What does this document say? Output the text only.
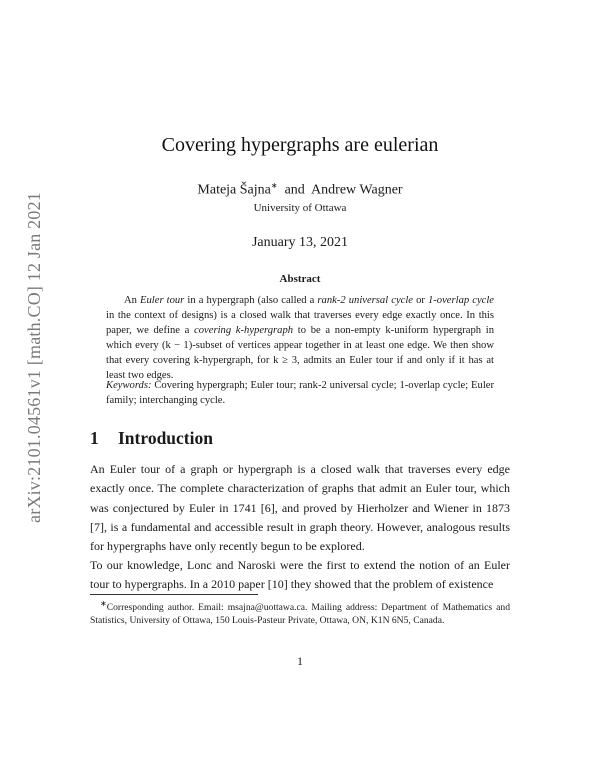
arXiv:2101.04561v1 [math.CO] 12 Jan 2021
Covering hypergraphs are eulerian
Mateja Šajna∗ and Andrew Wagner
University of Ottawa
January 13, 2021
Abstract

An Euler tour in a hypergraph (also called a rank-2 universal cycle or 1-overlap cycle in the context of designs) is a closed walk that traverses every edge exactly once. In this paper, we define a covering k-hypergraph to be a non-empty k-uniform hypergraph in which every (k − 1)-subset of vertices appear together in at least one edge. We then show that every covering k-hypergraph, for k ≥ 3, admits an Euler tour if and only if it has at least two edges.

Keywords: Covering hypergraph; Euler tour; rank-2 universal cycle; 1-overlap cycle; Euler family; interchanging cycle.

1 Introduction

An Euler tour of a graph or hypergraph is a closed walk that traverses every edge exactly once. The complete characterization of graphs that admit an Euler tour, which was conjectured by Euler in 1741 [6], and proved by Hierholzer and Wiener in 1873 [7], is a fundamental and accessible result in graph theory. However, analogous results for hypergraphs have only recently begun to be explored.

To our knowledge, Lonc and Naroski were the first to extend the notion of an Euler tour to hypergraphs. In a 2010 paper [10] they showed that the problem of existence

∗Corresponding author. Email: msajna@uottawa.ca. Mailing address: Department of Mathematics and Statistics, University of Ottawa, 150 Louis-Pasteur Private, Ottawa, ON, K1N 6N5, Canada.

1
